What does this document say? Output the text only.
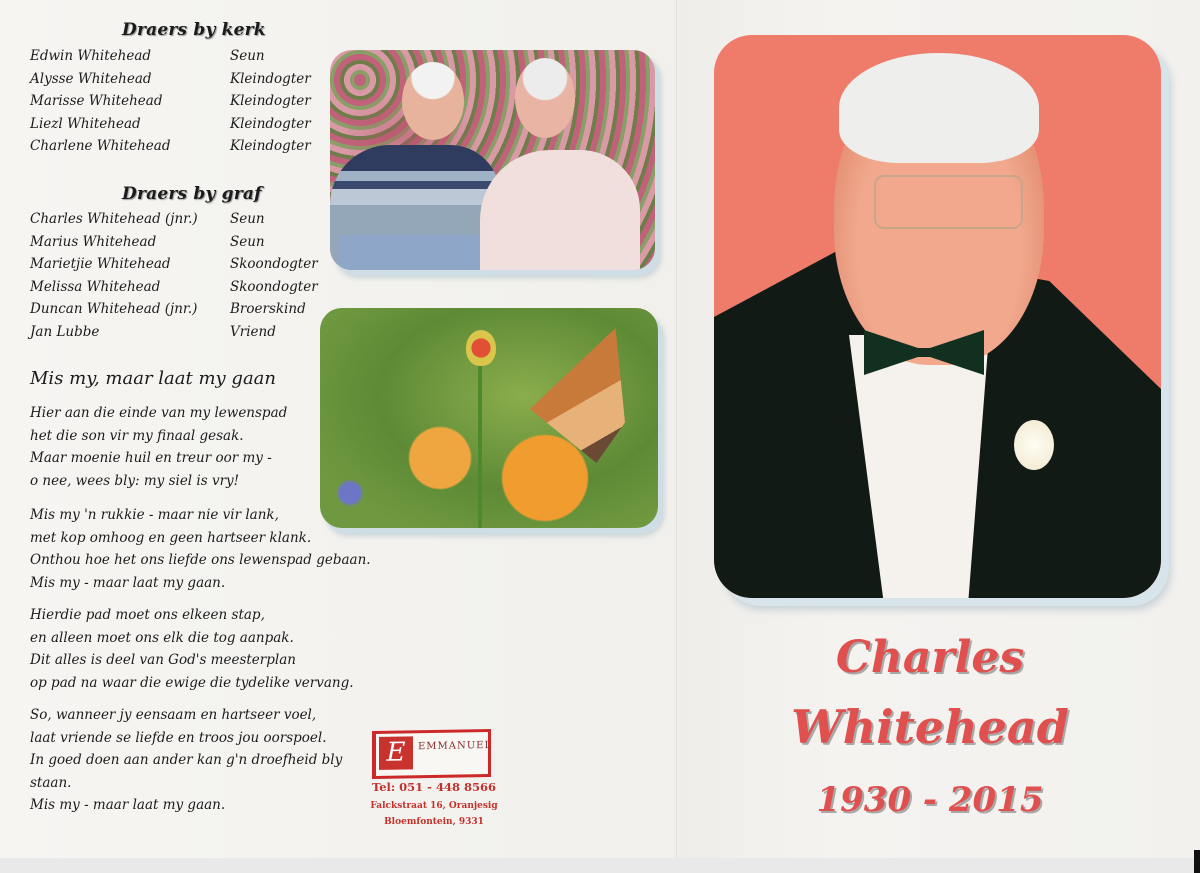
Draers by kerk
Edwin Whitehead	Seun
Alysse Whitehead	Kleindogter
Marisse Whitehead	Kleindogter
Liezl Whitehead	Kleindogter
Charlene Whitehead	Kleindogter
Draers by graf
Charles Whitehead (jnr.)	Seun
Marius Whitehead	Seun
Marietjie Whitehead	Skoondogter
Melissa Whitehead	Skoondogter
Duncan Whitehead (jnr.)	Broerskind
Jan Lubbe	Vriend
Mis my, maar laat my gaan
Hier aan die einde van my lewenspad
het die son vir my finaal gesak.
Maar moenie huil en treur oor my -
o nee, wees bly: my siel is vry!
Mis my 'n rukkie - maar nie vir lank,
met kop omhoog en geen hartseer klank.
Onthou hoe het ons liefde ons lewenspad gebaan.
Mis my - maar laat my gaan.
Hierdie pad moet ons elkeen stap,
en alleen moet ons elk die tog aanpak.
Dit alles is deel van God's meesterplan
op pad na waar die ewige die tydelike vervang.
So, wanneer jy eensaam en hartseer voel,
laat vriende se liefde en troos jou oorspoel.
In goed doen aan ander kan g'n droefheid bly
staan.
Mis my - maar laat my gaan.
E	EMMANUEL
Tel: 051 - 448 8566
Falckstraat 16, Oranjesig
Bloemfontein, 9331
Charles
Whitehead
1930 - 2015
